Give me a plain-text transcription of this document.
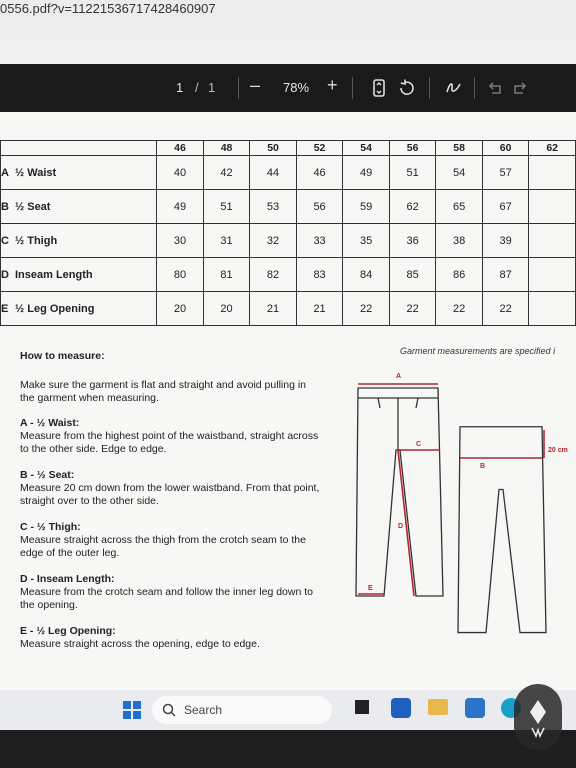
0556.pdf?v=11221536717428460907
1 / 1 – 78% +
	46	48	50	52	54	56	58	60	62
A ½ Waist	40	42	44	46	49	51	54	57	
B ½ Seat	49	51	53	56	59	62	65	67	
C ½ Thigh	30	31	32	33	35	36	38	39	
D Inseam Length	80	81	82	83	84	85	86	87	
E ½ Leg Opening	20	20	21	21	22	22	22	22	
Garment measurements are specified i
How to measure:
Make sure the garment is flat and straight and avoid pulling in the garment when measuring.
A - ½ Waist:
Measure from the highest point of the waistband, straight across to the other side. Edge to edge.
B - ½ Seat:
Measure 20 cm down from the lower waistband. From that point, straight over to the other side.
C - ½ Thigh:
Measure straight across the thigh from the crotch seam to the edge of the outer leg.
D - Inseam Length:
Measure from the crotch seam and follow the inner leg down to the opening.
E - ½ Leg Opening:
Measure straight across the opening, edge to edge.
A
C
D
E
B
20 cm
Search
